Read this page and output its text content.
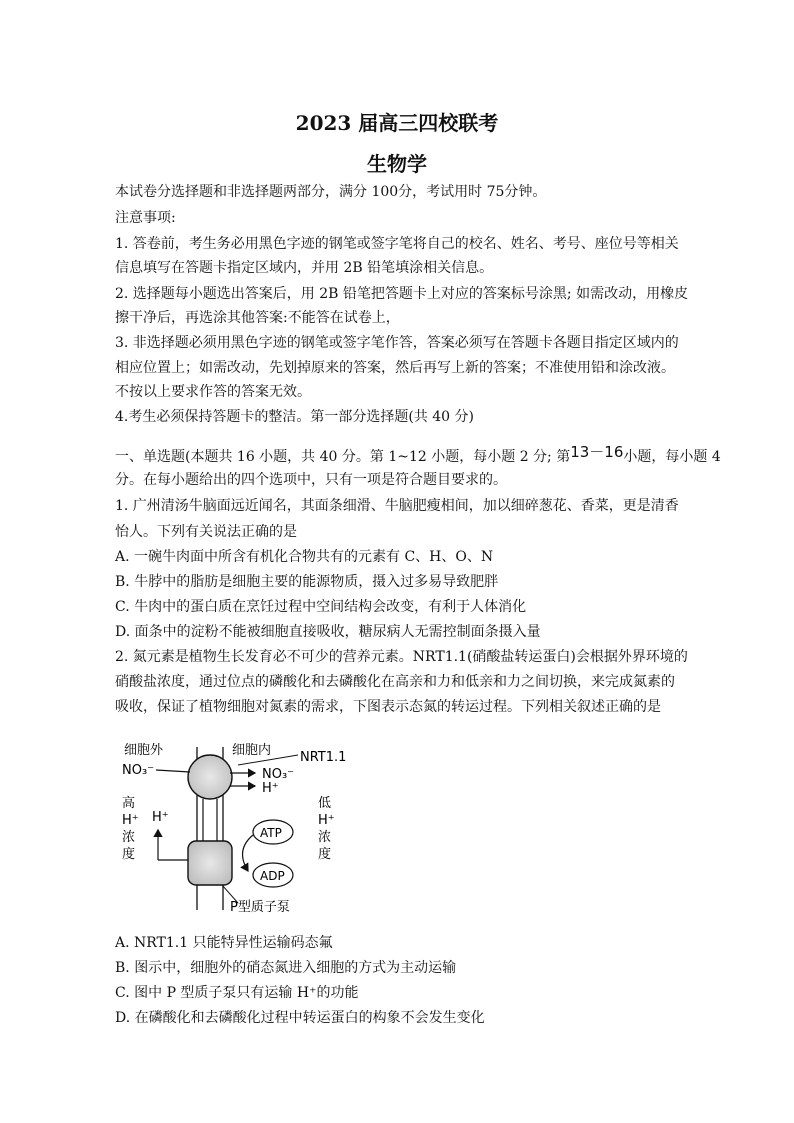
2023 届高三四校联考
生物学
本试卷分选择题和非选择题两部分，满分 100分，考试用时 75分钟。
注意事项:
1. 答卷前，考生务必用黑色字迹的钢笔或签字笔将自己的校名、姓名、考号、座位号等相关
信息填写在答题卡指定区域内，并用 2B 铅笔填涂相关信息。
2. 选择题每小题选出答案后，用 2B 铅笔把答题卡上对应的答案标号涂黑; 如需改动，用橡皮
擦干净后，再选涂其他答案:不能答在试卷上，
3. 非选择题必须用黑色字迹的钢笔或签字笔作答，答案必须写在答题卡各题目指定区域内的
相应位置上；如需改动，先划掉原来的答案，然后再写上新的答案；不准使用铅和涂改液。
不按以上要求作答的答案无效。
4.考生必须保持答题卡的整洁。第一部分选择题(共 40 分)
一、单选题(本题共 16 小题，共 40 分。第 1~12 小题，每小题 2 分; 第13－16小题，每小题 4
分。在每小题给出的四个选项中，只有一项是符合题目要求的。
1. 广州清汤牛脑面远近闻名，其面条细滑、牛脑肥瘦相间，加以细碎葱花、香菜，更是清香
怡人。下列有关说法正确的是
A. 一碗牛肉面中所含有机化合物共有的元素有 C、H、O、N
B. 牛脖中的脂肪是细胞主要的能源物质，摄入过多易导致肥胖
C. 牛肉中的蛋白质在烹饪过程中空间结构会改变，有利于人体消化
D. 面条中的淀粉不能被细胞直接吸收，糖尿病人无需控制面条摄入量
2. 氮元素是植物生长发育必不可少的营养元素。NRT1.1(硝酸盐转运蛋白)会根据外界环境的
硝酸盐浓度，通过位点的磷酸化和去磷酸化在高亲和力和低亲和力之间切换，来完成氮素的
吸收，保证了植物细胞对氮素的需求，下图表示态氮的转运过程。下列相关叙述正确的是
细胞外	细胞内 NRT1.1
NO₃⁻	NO₃⁻
H⁺
高
H⁺
浓
度
H⁺
ATP
ADP
低
H⁺
浓
度
P型质子泵
A. NRT1.1 只能特异性运输码态氟
B. 图示中，细胞外的硝态氮进入细胞的方式为主动运输
C. 图中 P 型质子泵只有运输 H⁺的功能
D. 在磷酸化和去磷酸化过程中转运蛋白的构象不会发生变化
